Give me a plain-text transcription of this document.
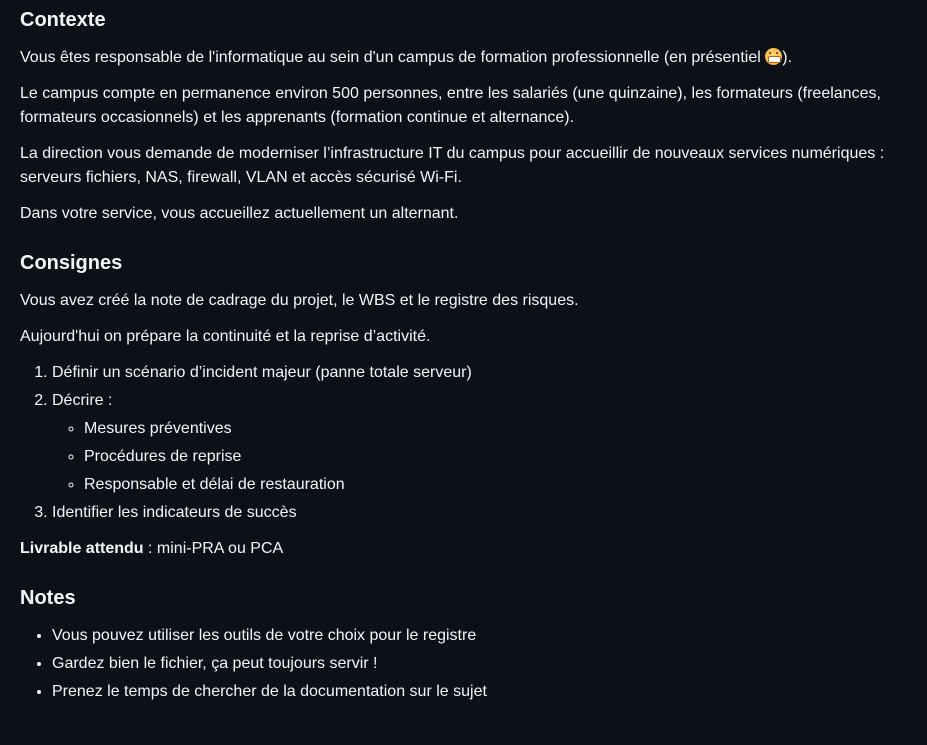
Contexte

Vous êtes responsable de l'informatique au sein d'un campus de formation professionnelle (en présentiel ).

Le campus compte en permanence environ 500 personnes, entre les salariés (une quinzaine), les formateurs (freelances, formateurs occasionnels) et les apprenants (formation continue et alternance).

La direction vous demande de moderniser l’infrastructure IT du campus pour accueillir de nouveaux services numériques : serveurs fichiers, NAS, firewall, VLAN et accès sécurisé Wi-Fi.

Dans votre service, vous accueillez actuellement un alternant.

Consignes

Vous avez créé la note de cadrage du projet, le WBS et le registre des risques.

Aujourd'hui on prépare la continuité et la reprise d’activité.

1. Définir un scénario d’incident majeur (panne totale serveur)
2. Décrire :
◦ Mesures préventives
◦ Procédures de reprise
◦ Responsable et délai de restauration
3. Identifier les indicateurs de succès

Livrable attendu : mini-PRA ou PCA

Notes
• Vous pouvez utiliser les outils de votre choix pour le registre
• Gardez bien le fichier, ça peut toujours servir !
• Prenez le temps de chercher de la documentation sur le sujet
